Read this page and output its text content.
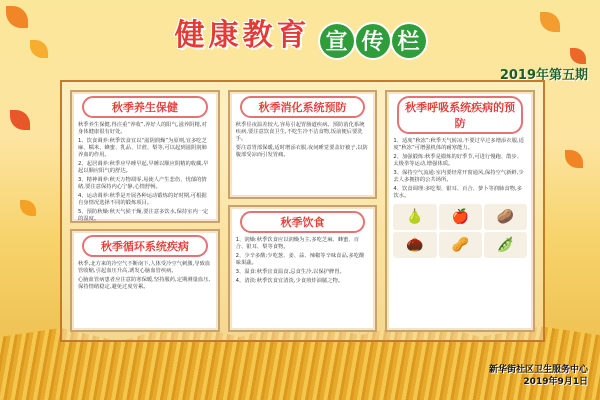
健康教育 宣 传 栏
2019年第五期
秋季养生保健

秋季养生保健,得注重“养收”,养好人的阳气,滋养阴精,对身体健康很有好处。

1、饮食调养:秋季饮食宜以“滋阴润燥”为原则,宜多吃芝麻、糯米、蜂蜜、乳品、甘蔗、梨等,可以起到滋阴润肺养血的作用。

2、起居调养:秋季应早睡早起,早睡以顺应阴精的收藏,早起以顺应阳气的舒达。

3、精神调养:秋天万物凋零,易使人产生悲伤、忧郁的情绪,要注意保持内心宁静,心情舒畅。

4、运动调养:秋季是开展各种运动锻炼的好时期,可根据自身情况选择不同的锻炼项目。

5、预防秋燥:秋天气候干燥,要注意多饮水,保持室内一定的湿度。

秋季循环系统疾病

秋季,北方来的冷空气不断南下,人体受冷空气刺激,导致血管收缩,引起血压升高,诱发心脑血管疾病。

心脑血管病患者应注意防寒保暖,坚持服药,定期测量血压,保持情绪稳定,避免过度劳累。

秋季消化系统预防

秋季昼夜温差较大,容易引起胃肠道疾病。预防消化系统疾病,要注意饮食卫生,不吃生冷不洁食物,饭前便后要洗手。

要注意胃部保暖,适时增添衣服,夜间睡觉要盖好被子,以防腹部受凉而引发胃痛。

秋季饮食

1、润燥:秋季饮食应以润燥为主,多吃芝麻、蜂蜜、百合、银耳、梨等食物。

2、少辛多酸:少吃葱、姜、蒜、辣椒等辛味食品,多吃酸味果蔬。

3、温食:秋季宜食温食,忌食生冷,以保护脾胃。

4、清淡:秋季饮食宜清淡,少食煎炸油腻之物。

秋季呼吸系统疾病的预防

1、适度“秋冻”:秋季天气转凉,不要过早过多增添衣服,适度“秋冻”可增强机体的耐寒能力。

2、加强锻炼:秋季是锻炼的好季节,可进行慢跑、散步、太极拳等运动,增强体质。

3、保持空气流通:室内要经常开窗通风,保持空气新鲜,少去人多拥挤的公共场所。

4、饮食调理:多吃梨、银耳、百合、萝卜等润肺食物,多饮水。

🍐	🍎	🥔
🌰	🥜	🫛
新华街社区卫生服务中心
2019年9月1日
